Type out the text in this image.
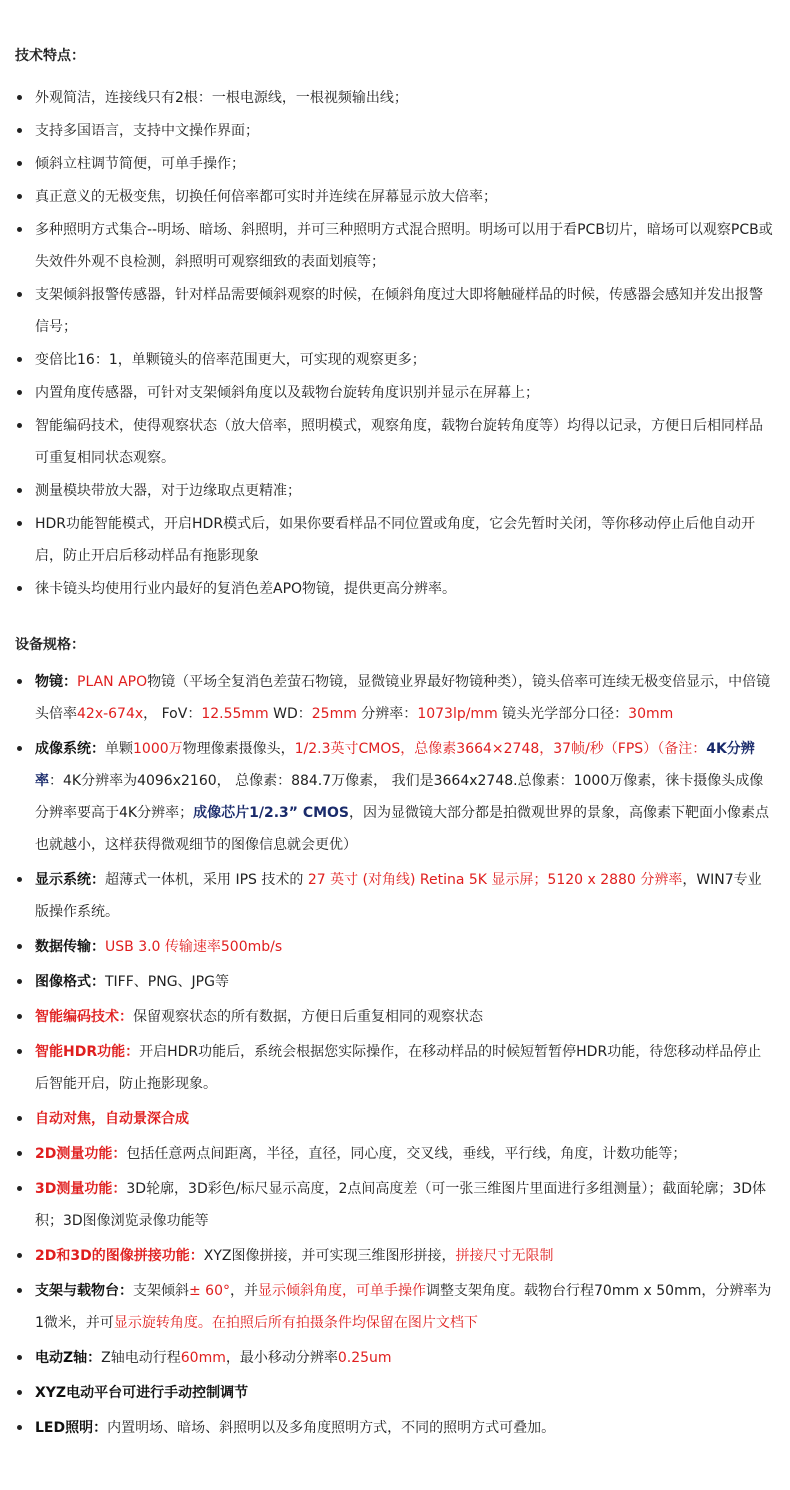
技术特点：
外观简洁，连接线只有2根：一根电源线，一根视频输出线；
支持多国语言，支持中文操作界面；
倾斜立柱调节简便，可单手操作；
真正意义的无极变焦，切换任何倍率都可实时并连续在屏幕显示放大倍率；
多种照明方式集合--明场、暗场、斜照明，并可三种照明方式混合照明。明场可以用于看PCB切片，暗场可以观察PCB或失效件外观不良检测，斜照明可观察细致的表面划痕等；
支架倾斜报警传感器，针对样品需要倾斜观察的时候，在倾斜角度过大即将触碰样品的时候，传感器会感知并发出报警信号；
变倍比16：1，单颗镜头的倍率范围更大，可实现的观察更多；
内置角度传感器，可针对支架倾斜角度以及载物台旋转角度识别并显示在屏幕上；
智能编码技术，使得观察状态（放大倍率，照明模式，观察角度，载物台旋转角度等）均得以记录，方便日后相同样品可重复相同状态观察。
测量模块带放大器，对于边缘取点更精准；
HDR功能智能模式，开启HDR模式后，如果你要看样品不同位置或角度，它会先暂时关闭，等你移动停止后他自动开启，防止开启后移动样品有拖影现象
徕卡镜头均使用行业内最好的复消色差APO物镜，提供更高分辨率。
设备规格：
物镜：PLAN APO物镜（平场全复消色差萤石物镜，显微镜业界最好物镜种类），镜头倍率可连续无极变倍显示，中倍镜头倍率42x-674x， FoV：12.55mm WD：25mm 分辨率：1073lp/mm 镜头光学部分口径：30mm
成像系统：单颗1000万物理像素摄像头，1/2.3英寸CMOS，总像素3664×2748，37帧/秒（FPS）（备注：4K分辨率：4K分辨率为4096x2160， 总像素：884.7万像素， 我们是3664x2748.总像素：1000万像素，徕卡摄像头成像分辨率要高于4K分辨率；成像芯片1/2.3” CMOS，因为显微镜大部分都是拍微观世界的景象，高像素下靶面小像素点也就越小，这样获得微观细节的图像信息就会更优）
显示系统：超薄式一体机，采用 IPS 技术的 27 英寸 (对角线) Retina 5K 显示屏；5120 x 2880 分辨率，WIN7专业版操作系统。
数据传输：USB 3.0 传输速率500mb/s
图像格式：TIFF、PNG、JPG等
智能编码技术：保留观察状态的所有数据，方便日后重复相同的观察状态
智能HDR功能：开启HDR功能后，系统会根据您实际操作，在移动样品的时候短暂暂停HDR功能，待您移动样品停止后智能开启，防止拖影现象。
自动对焦，自动景深合成
2D测量功能：包括任意两点间距离，半径，直径，同心度，交叉线，垂线，平行线，角度，计数功能等；
3D测量功能：3D轮廓，3D彩色/标尺显示高度，2点间高度差（可一张三维图片里面进行多组测量）；截面轮廓；3D体积；3D图像浏览录像功能等
2D和3D的图像拼接功能：XYZ图像拼接，并可实现三维图形拼接，拼接尺寸无限制
支架与载物台：支架倾斜± 60°，并显示倾斜角度，可单手操作调整支架角度。载物台行程70mm x 50mm，分辨率为1微米，并可显示旋转角度。在拍照后所有拍摄条件均保留在图片文档下
电动Z轴：Z轴电动行程60mm，最小移动分辨率0.25um
XYZ电动平台可进行手动控制调节
LED照明：内置明场、暗场、斜照明以及多角度照明方式，不同的照明方式可叠加。
